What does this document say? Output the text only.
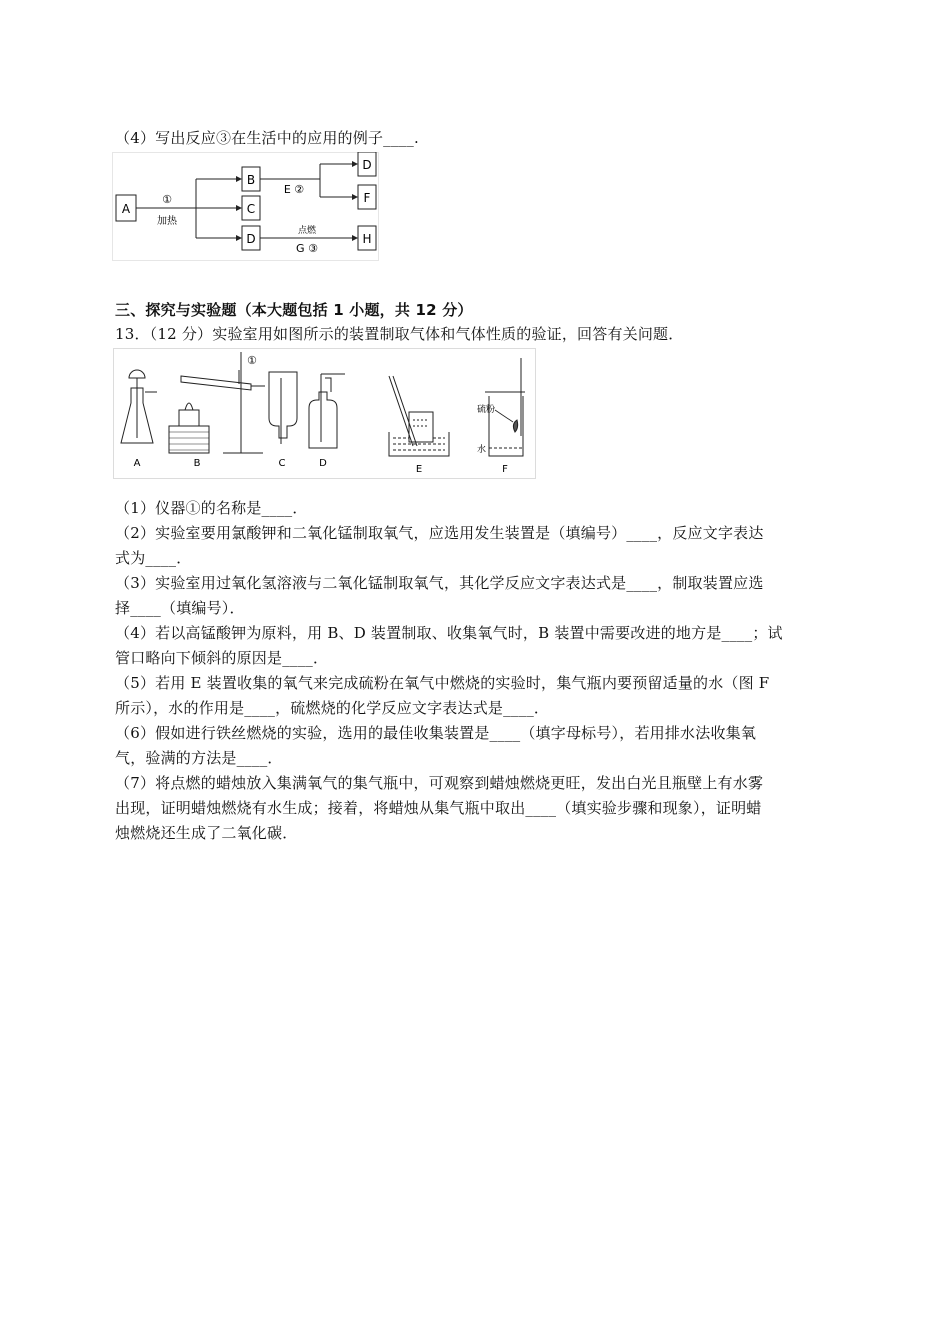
（4）写出反应③在生活中的应用的例子____.
A
①
加热
B
C
D
E ②
D
F
点燃
G ③
H
三、探究与实验题（本大题包括 1 小题，共 12 分）
13．（12 分）实验室用如图所示的装置制取气体和气体性质的验证，回答有关问题．
A
①
B	C	D
E
硫粉
水
F
（1）仪器①的名称是____．
（2）实验室要用氯酸钾和二氧化锰制取氧气，应选用发生装置是（填编号）____，反应文字表达
式为____．
（3）实验室用过氧化氢溶液与二氧化锰制取氧气，其化学反应文字表达式是____，制取装置应选
择____（填编号）．
（4）若以高锰酸钾为原料，用 B、D 装置制取、收集氧气时，B 装置中需要改进的地方是____；试
管口略向下倾斜的原因是____．
（5）若用 E 装置收集的氧气来完成硫粉在氧气中燃烧的实验时，集气瓶内要预留适量的水（图 F
所示），水的作用是____，硫燃烧的化学反应文字表达式是____．
（6）假如进行铁丝燃烧的实验，选用的最佳收集装置是____（填字母标号），若用排水法收集氧
气，验满的方法是____．
（7）将点燃的蜡烛放入集满氧气的集气瓶中，可观察到蜡烛燃烧更旺，发出白光且瓶壁上有水雾
出现，证明蜡烛燃烧有水生成；接着，将蜡烛从集气瓶中取出____（填实验步骤和现象），证明蜡
烛燃烧还生成了二氧化碳．
